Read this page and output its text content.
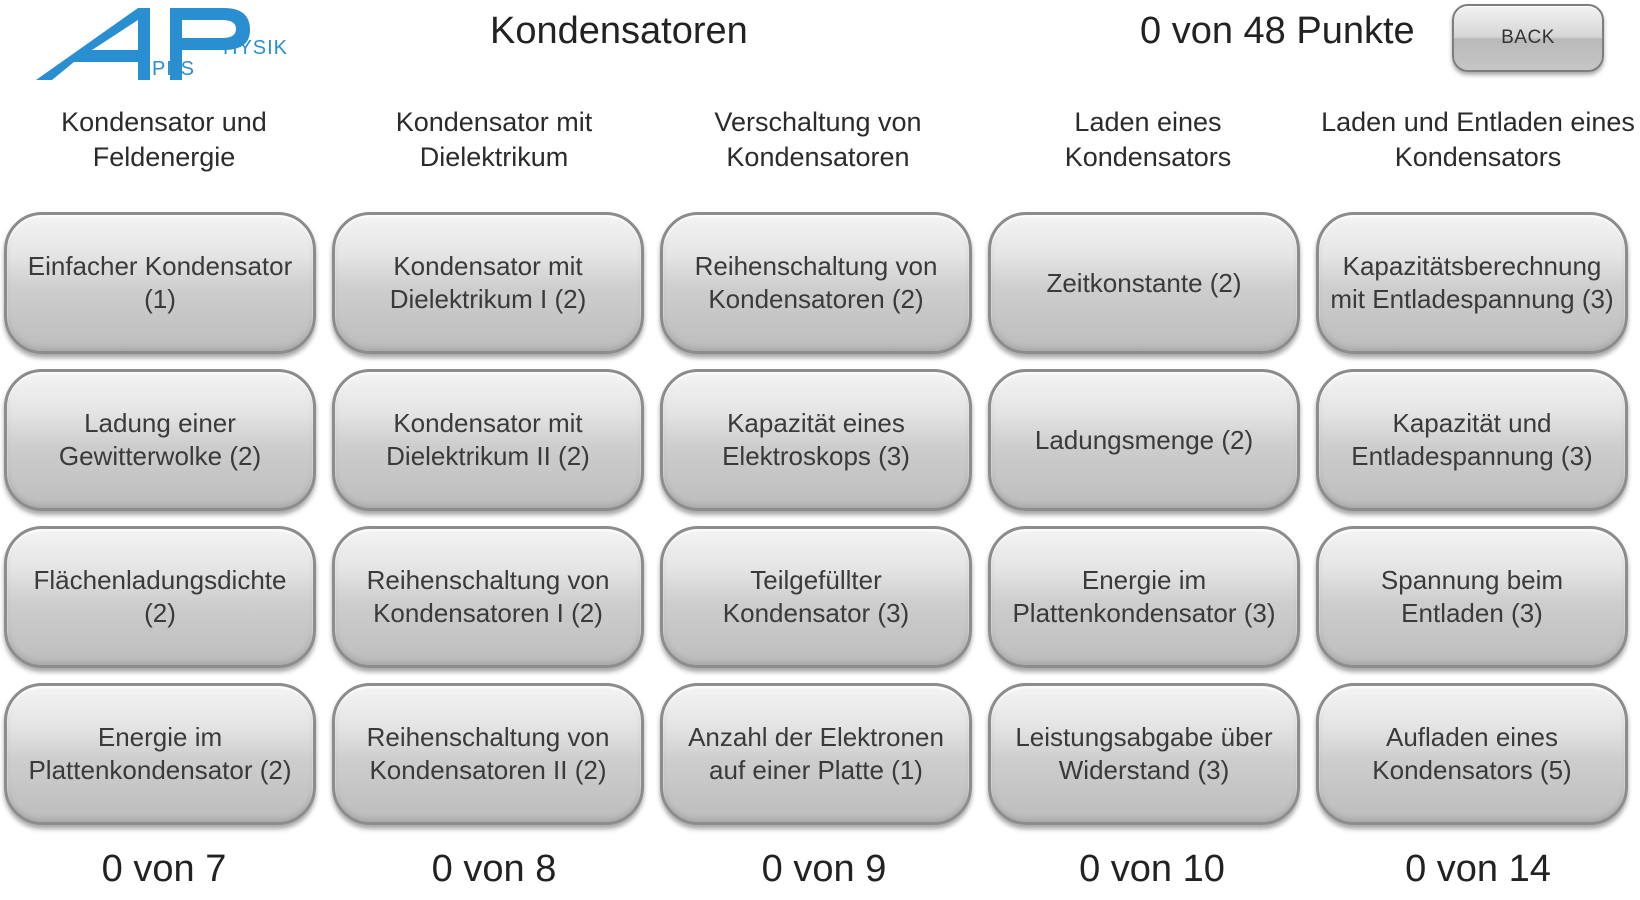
PPS
HYSIK	Kondensatoren	0 von 48 Punkte	BACK
Kondensator und Feldenergie
Kondensator mit Dielektrikum
Verschaltung von Kondensatoren
Laden eines Kondensators
Laden und Entladen eines Kondensators
Einfacher Kondensator (1)
Ladung einer Gewitterwolke (2)
Flächenladungsdichte (2)
Energie im Plattenkondensator (2)
Kondensator mit Dielektrikum I (2)
Kondensator mit Dielektrikum II (2)
Reihenschaltung von Kondensatoren I (2)
Reihenschaltung von Kondensatoren II (2)
Reihenschaltung von Kondensatoren (2)
Kapazität eines Elektroskops (3)
Teilgefüllter Kondensator (3)
Anzahl der Elektronen auf einer Platte (1)
Zeitkonstante (2)
Ladungsmenge (2)
Energie im Plattenkondensator (3)
Leistungsabgabe über Widerstand (3)
Kapazitätsberechnung mit Entladespannung (3)
Kapazität und Entladespannung (3)
Spannung beim Entladen (3)
Aufladen eines Kondensators (5)
0 von 7	0 von 8	0 von 9	0 von 10	0 von 14
